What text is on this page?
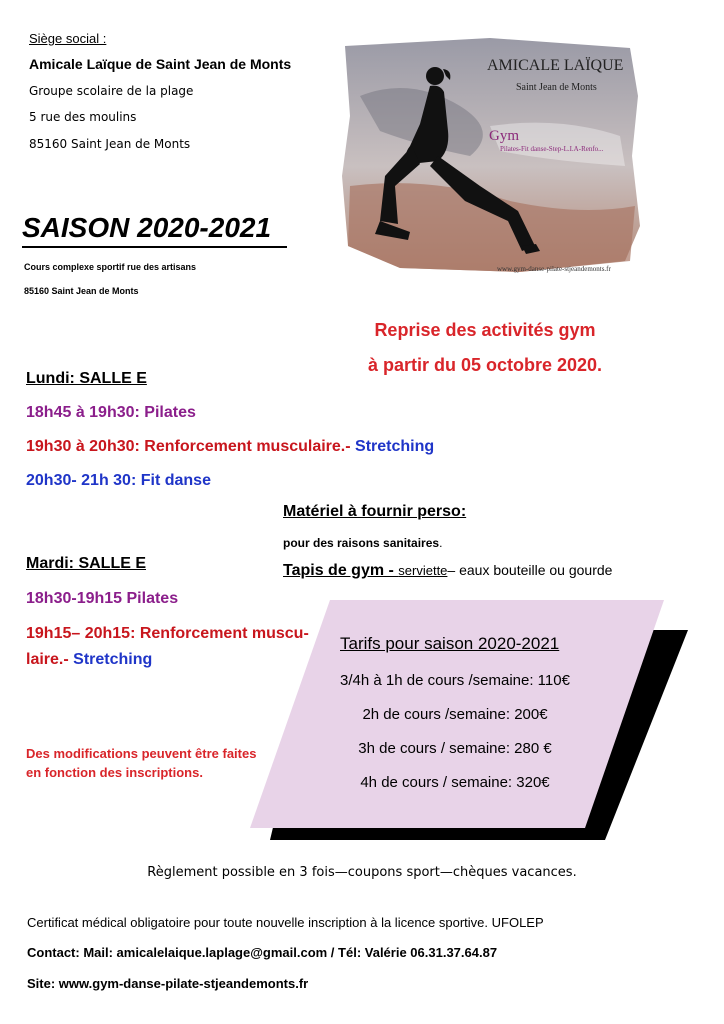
Siège social :
Amicale Laïque de Saint Jean de Monts
Groupe scolaire de la plage
5 rue des moulins
85160 Saint Jean de Monts
AMICALE LAÏQUE
Saint Jean de Monts
Gym
Pilates-Fit danse-Step-L.I.A-Renfo...
www.gym-danse-pilate-stjeandemonts.fr
SAISON 2020-2021
Cours complexe sportif rue des artisans
85160 Saint Jean de Monts
Reprise des activités gym
à partir du 05 octobre 2020.
Lundi: SALLE E
18h45 à 19h30: Pilates
19h30 à 20h30: Renforcement musculaire.- Stretching
20h30- 21h 30: Fit danse
Mardi: SALLE E
18h30-19h15 Pilates
19h15– 20h15: Renforcement muscu-
laire.- Stretching
Matériel à fournir perso:
pour des raisons sanitaires.
Tapis de gym - serviette– eaux bouteille ou gourde
Des modifications peuvent être faites
en fonction des inscriptions.
Tarifs pour saison 2020-2021
3/4h à 1h de cours /semaine: 110€
2h de cours /semaine: 200€
3h de cours / semaine: 280 €
4h de cours / semaine: 320€
Règlement possible en 3 fois—coupons sport—chèques vacances.
Certificat médical obligatoire pour toute nouvelle inscription à la licence sportive. UFOLEP
Contact: Mail: amicalelaique.laplage@gmail.com / Tél: Valérie 06.31.37.64.87
Site: www.gym-danse-pilate-stjeandemonts.fr
